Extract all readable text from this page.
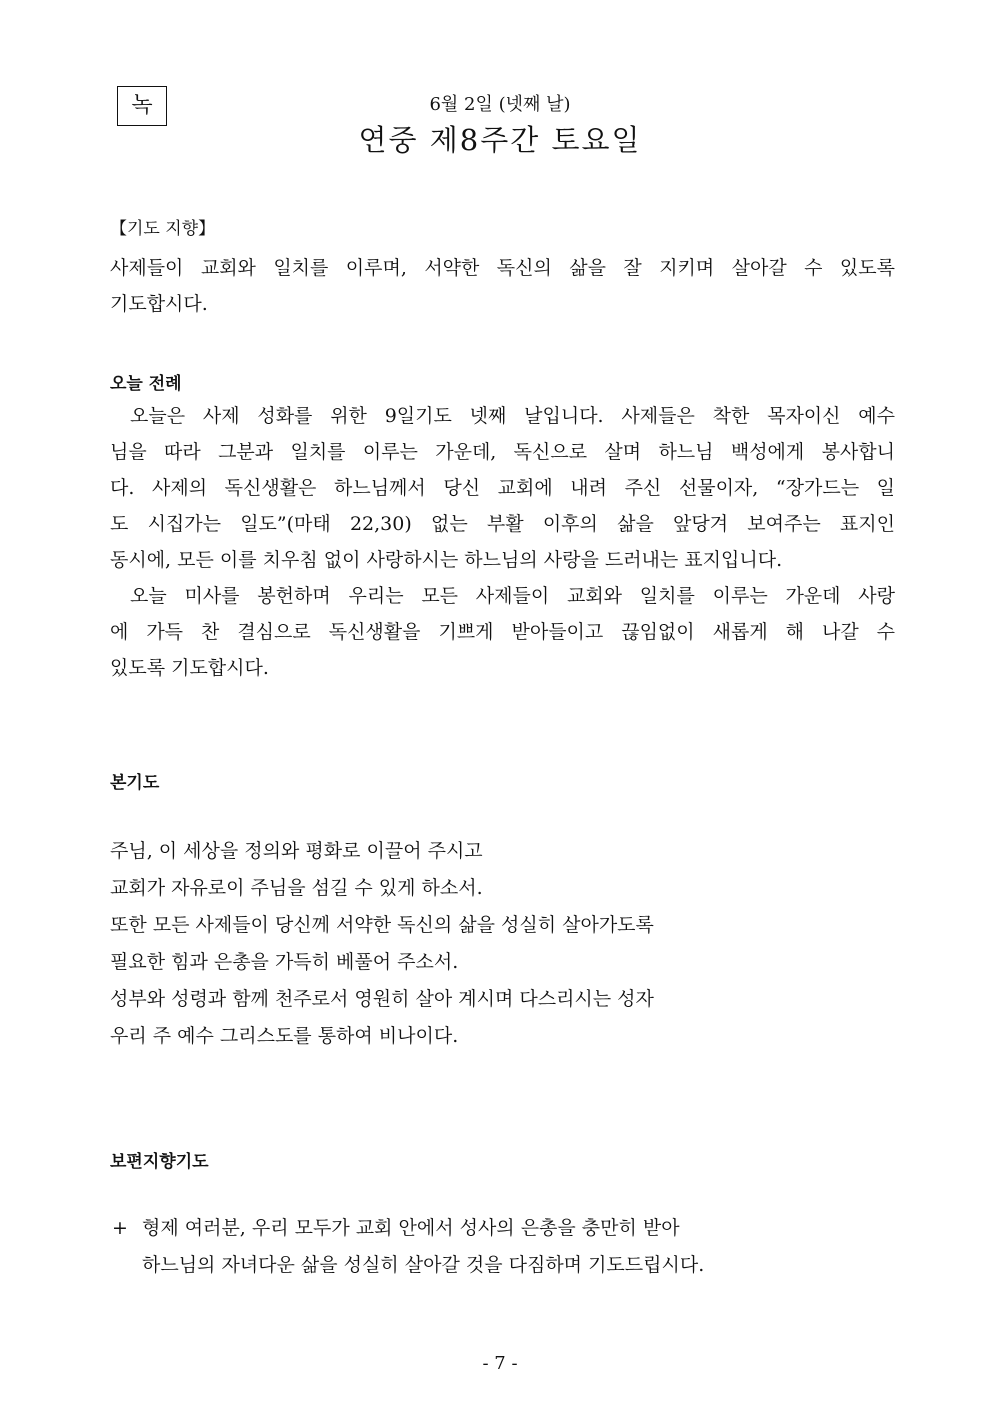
녹	6월 2일 (넷째 날)
연중 제8주간 토요일
【기도 지향】
사제들이 교회와 일치를 이루며, 서약한 독신의 삶을 잘 지키며 살아갈 수 있도록
기도합시다.
오늘 전례
오늘은 사제 성화를 위한 9일기도 넷째 날입니다. 사제들은 착한 목자이신 예수
님을 따라 그분과 일치를 이루는 가운데, 독신으로 살며 하느님 백성에게 봉사합니
다. 사제의 독신생활은 하느님께서 당신 교회에 내려 주신 선물이자, “장가드는 일
도 시집가는 일도”(마태 22,30) 없는 부활 이후의 삶을 앞당겨 보여주는 표지인
동시에, 모든 이를 치우침 없이 사랑하시는 하느님의 사랑을 드러내는 표지입니다.
오늘 미사를 봉헌하며 우리는 모든 사제들이 교회와 일치를 이루는 가운데 사랑
에 가득 찬 결심으로 독신생활을 기쁘게 받아들이고 끊임없이 새롭게 해 나갈 수
있도록 기도합시다.
본기도
주님, 이 세상을 정의와 평화로 이끌어 주시고
교회가 자유로이 주님을 섬길 수 있게 하소서.
또한 모든 사제들이 당신께 서약한 독신의 삶을 성실히 살아가도록
필요한 힘과 은총을 가득히 베풀어 주소서.
성부와 성령과 함께 천주로서 영원히 살아 계시며 다스리시는 성자
우리 주 예수 그리스도를 통하여 비나이다.
보편지향기도
+ 형제 여러분, 우리 모두가 교회 안에서 성사의 은총을 충만히 받아
하느님의 자녀다운 삶을 성실히 살아갈 것을 다짐하며 기도드립시다.
- 7 -
